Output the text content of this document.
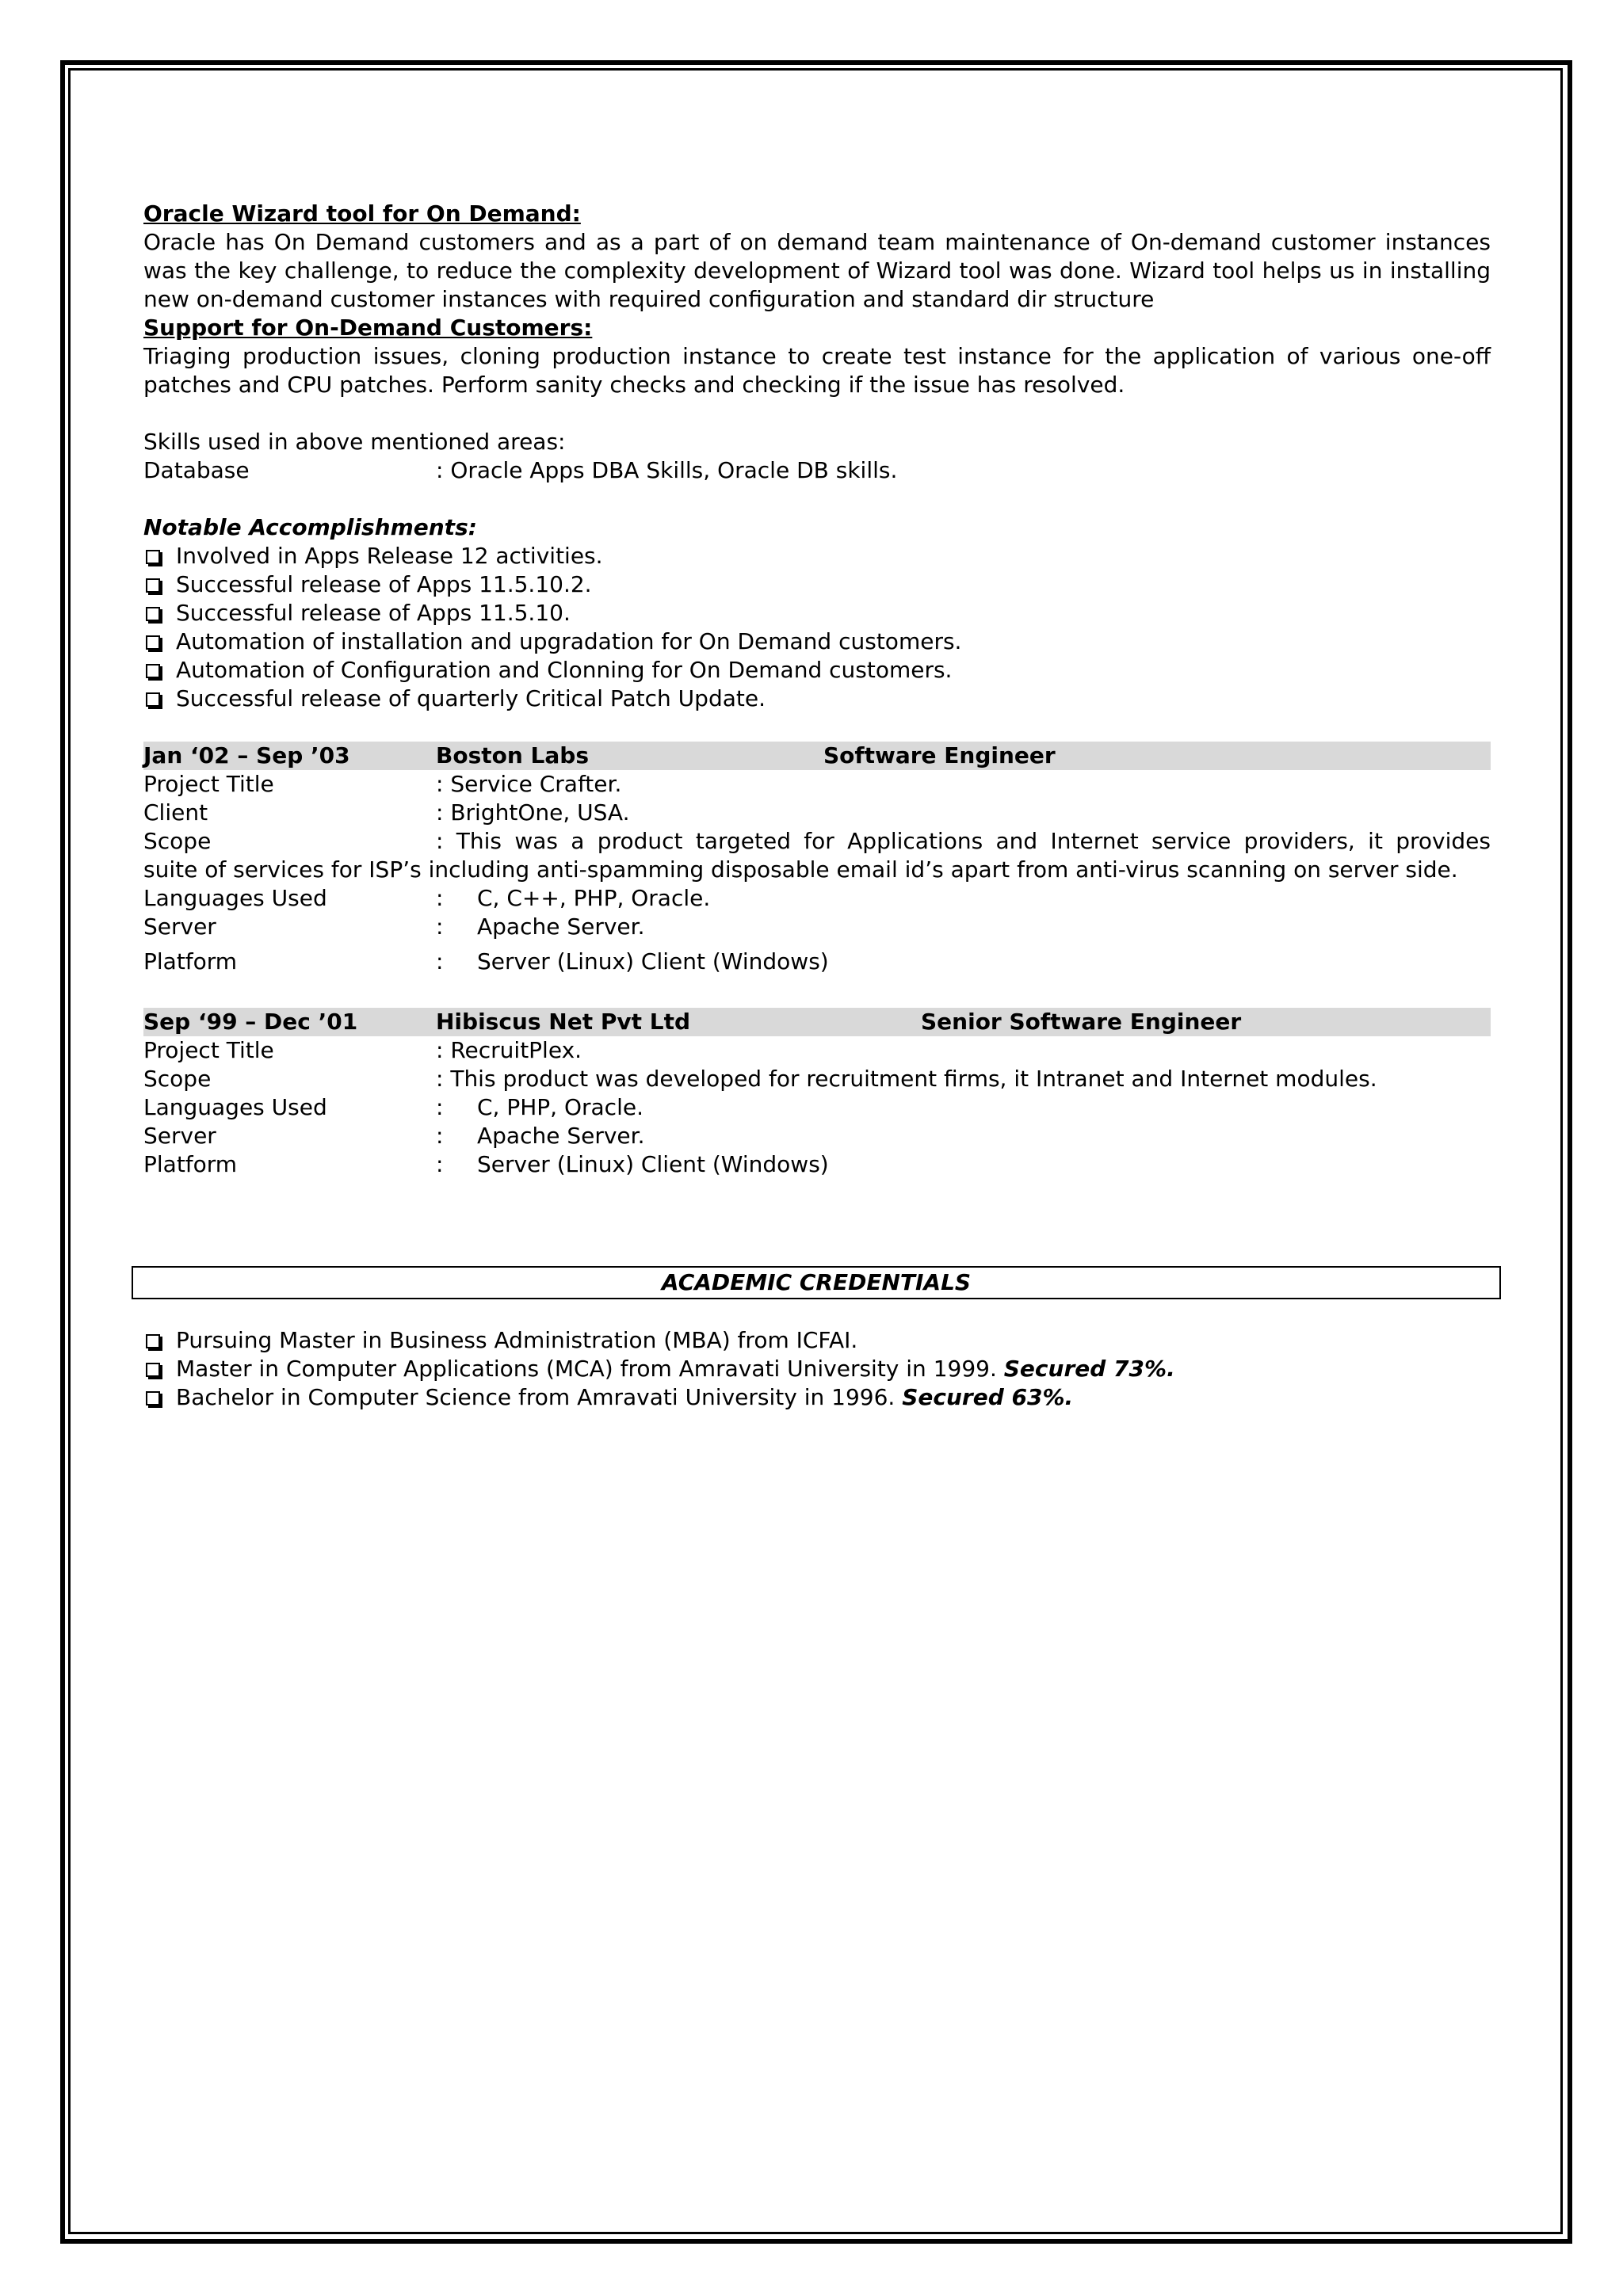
Oracle Wizard tool for On Demand:
Oracle has On Demand customers and as a part of on demand team maintenance of On-demand customer instances was the key challenge, to reduce the complexity development of Wizard tool was done. Wizard tool helps us in installing new on-demand customer instances with required configuration and standard dir structure
Support for On-Demand Customers:
Triaging production issues, cloning production instance to create test instance for the application of various one-off patches and CPU patches. Perform sanity checks and checking if the issue has resolved.
Skills used in above mentioned areas:
Database	: Oracle Apps DBA Skills, Oracle DB skills.
Notable Accomplishments:
Involved in Apps Release 12 activities.
Successful release of Apps 11.5.10.2.
Successful release of Apps 11.5.10.
Automation of installation and upgradation for On Demand customers.
Automation of Configuration and Clonning for On Demand customers.
Successful release of quarterly Critical Patch Update.
Jan ‘02 – Sep ’03	Boston Labs	Software Engineer
Project Title	: Service Crafter.
Client	: BrightOne, USA.
Scope	: This was a product targeted for Applications and Internet service providers, it provides
suite of services for ISP’s including anti-spamming disposable email id’s apart from anti-virus scanning on server side.
Languages Used	:	C, C++, PHP, Oracle.
Server	:	Apache Server.
Platform	:	Server (Linux) Client (Windows)
Sep ‘99 – Dec ’01	Hibiscus Net Pvt Ltd	Senior Software Engineer
Project Title	: RecruitPlex.
Scope	: This product was developed for recruitment firms, it Intranet and Internet modules.
Languages Used	:	C, PHP, Oracle.
Server	:	Apache Server.
Platform	:	Server (Linux) Client (Windows)
ACADEMIC CREDENTIALS
Pursuing Master in Business Administration (MBA) from ICFAI.
Master in Computer Applications (MCA) from Amravati University in 1999. Secured 73%.
Bachelor in Computer Science from Amravati University in 1996. Secured 63%.
